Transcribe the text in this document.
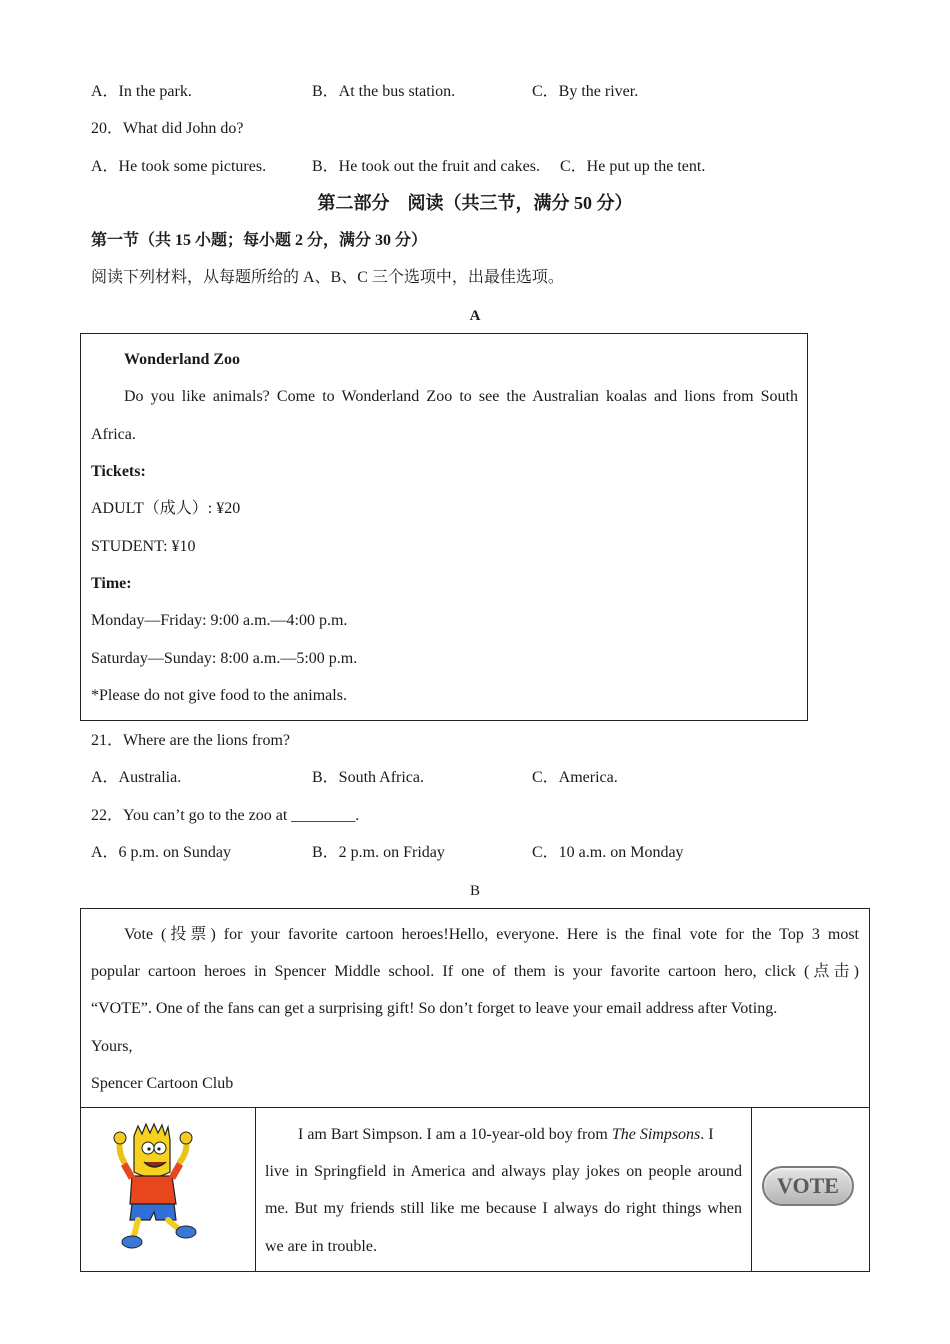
A．In the park.	B．At the bus station.	C．By the river.
20．What did John do?
A．He took some pictures.	B．He took out the fruit and cakes. C．He put up the tent.
第二部分　阅读（共三节，满分 50 分）
第一节（共 15 小题；每小题 2 分，满分 30 分）
阅读下列材料，从每题所给的 A、B、C 三个选项中，出最佳选项。
A
Wonderland Zoo
Do you like animals? Come to Wonderland Zoo to see the Australian koalas and lions from South
Africa.
Tickets:
ADULT（成人）: ¥20
STUDENT: ¥10
Time:
Monday—Friday: 9:00 a.m.—4:00 p.m.
Saturday—Sunday: 8:00 a.m.—5:00 p.m.
*Please do not give food to the animals.
21．Where are the lions from?
A．Australia.	B．South Africa.	C．America.
22．You can’t go to the zoo at ________.
A．6 p.m. on Sunday	B．2 p.m. on Friday	C．10 a.m. on Monday
B
Vote (投票) for your favorite cartoon heroes!Hello, everyone. Here is the final vote for the Top 3 most
popular cartoon heroes in Spencer Middle school. If one of them is your favorite cartoon hero, click (点击)
“VOTE”. One of the fans can get a surprising gift! So don’t forget to leave your email address after Voting.
Yours,
Spencer Cartoon Club
I am Bart Simpson. I am a 10-year-old boy from The Simpsons. I
live in Springfield in America and always play jokes on people around
me. But my friends still like me because I always do right things when
we are in trouble.
VOTE
